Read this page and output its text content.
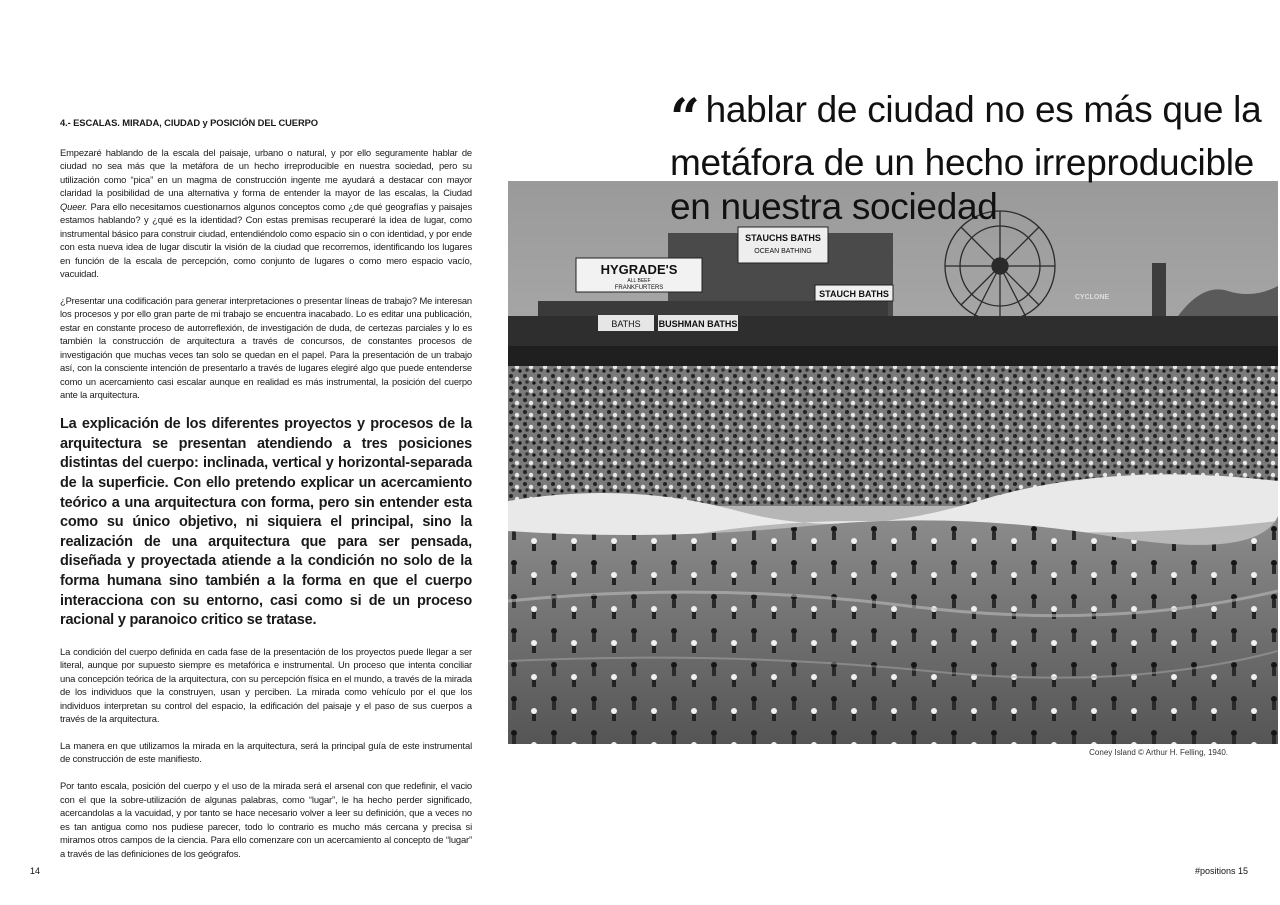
4.- ESCALAS. MIRADA, CIUDAD y POSICIÓN DEL CUERPO

Empezaré hablando de la escala del paisaje, urbano o natural, y por ello seguramente hablar de ciudad no sea más que la metáfora de un hecho irreproducible en nuestra sociedad, pero su utilización como “pica” en un magma de construcción ingente me ayudará a destacar con mayor claridad la posibilidad de una alternativa y forma de entender la mayor de las escalas, la Ciudad Queer. Para ello necesitamos cuestionarnos algunos conceptos como ¿de qué geografías y paisajes estamos hablando? y ¿qué es la identidad? Con estas premisas recuperaré la idea de lugar, como instrumental básico para construir ciudad, entendiéndolo como espacio sin o con identidad, y por ende con esta nueva idea de lugar discutir la visión de la ciudad que recorremos, identificando los lugares en función de la escala de percepción, como conjunto de lugares o como mero espacio vacío, vacuidad.

¿Presentar una codificación para generar interpretaciones o presentar líneas de trabajo? Me interesan los procesos y por ello gran parte de mi trabajo se encuentra inacabado. Lo es editar una publicación, estar en constante proceso de autorreflexión, de investigación de duda, de certezas parciales y lo es también la construcción de arquitectura a través de concursos, de constantes procesos de investigación que muchas veces tan solo se quedan en el papel. Para la presentación de un trabajo así, con la consciente intención de presentarlo a través de lugares elegiré algo que puede entenderse como un acercamiento casi escalar aunque en realidad es más instrumental, la posición del cuerpo ante la arquitectura.

La explicación de los diferentes proyectos y procesos de la arquitectura se presentan atendiendo a tres posiciones distintas del cuerpo: inclinada, vertical y horizontal-separada de la superficie. Con ello pretendo explicar un acercamiento teórico a una arquitectura con forma, pero sin entender esta como su único objetivo, ni siquiera el principal, sino la realización de una arquitectura que para ser pensada, diseñada y proyectada atiende a la condición no solo de la forma humana sino también a la forma en que el cuerpo interacciona con su entorno, casi como si de un proceso racional y paranoico critico se tratase.

La condición del cuerpo definida en cada fase de la presentación de los proyectos puede llegar a ser literal, aunque por supuesto siempre es metafórica e instrumental. Un proceso que intenta conciliar una concepción teórica de la arquitectura, con su percepción física en el mundo, a través de la mirada de los individuos que la construyen, usan y perciben. La mirada como vehículo por el que los individuos interpretan su control del espacio, la edificación del paisaje y el paso de sus cuerpos a través de la arquitectura.

La manera en que utilizamos la mirada en la arquitectura, será la principal guía de este instrumental de construcción de este manifiesto.

Por tanto escala, posición del cuerpo y el uso de la mirada será el arsenal con que redefinir, el vacio con el que la sobre-utilización de algunas palabras, como “lugar”, le ha hecho perder significado, acercandolas a la vacuidad, y por tanto se hace necesario volver a leer su definición, que a veces no es tan antigua como nos pudiese parecer, todo lo contrario es mucho más cercana y precisa si miramos otros campos de la ciencia. Para ello comenzare con un acercamiento al concepto de “lugar” a través de las definiciones de los geógrafos.

STAUCHS BATHS
OCEAN BATHING
HYGRADE'S
ALL BEEF
FRANKFURTERS
STAUCH BATHS
BATHS BUSHMAN BATHS
CYCLONE
Coney Island © Arthur H. Felling, 1940.
“ hablar de ciudad no es más que la metáfora de un hecho irreproducible en nuestra sociedad
14	#positions 15
